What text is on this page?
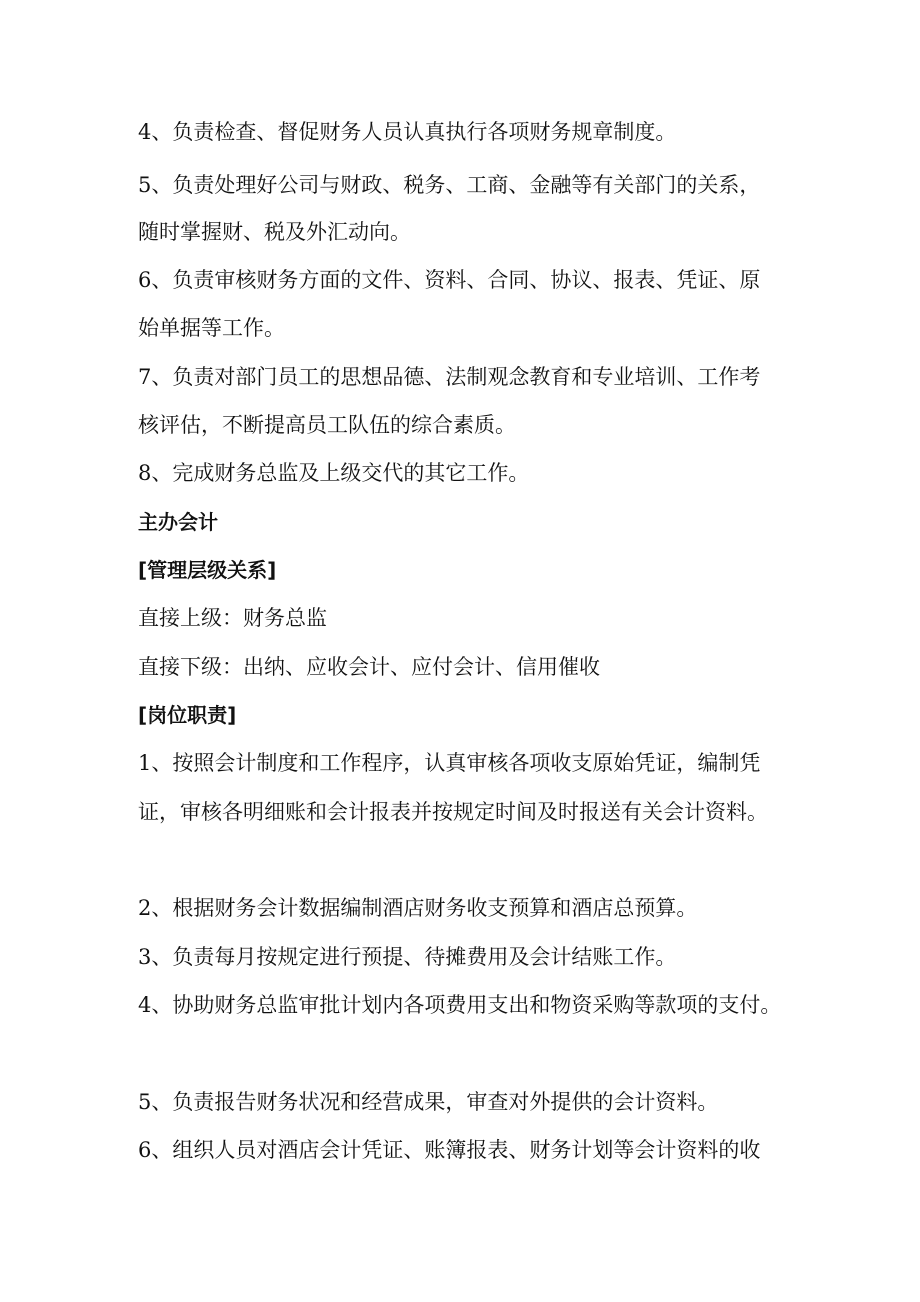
4、负责检查、督促财务人员认真执行各项财务规章制度。
5、负责处理好公司与财政、税务、工商、金融等有关部门的关系，
随时掌握财、税及外汇动向。
6、负责审核财务方面的文件、资料、合同、协议、报表、凭证、原
始单据等工作。
7、负责对部门员工的思想品德、法制观念教育和专业培训、工作考
核评估，不断提高员工队伍的综合素质。
8、完成财务总监及上级交代的其它工作。
主办会计
[管理层级关系]
直接上级：财务总监
直接下级：出纳、应收会计、应付会计、信用催收
[岗位职责]
1、按照会计制度和工作程序，认真审核各项收支原始凭证，编制凭
证，审核各明细账和会计报表并按规定时间及时报送有关会计资料。
2、根据财务会计数据编制酒店财务收支预算和酒店总预算。
3、负责每月按规定进行预提、待摊费用及会计结账工作。
4、协助财务总监审批计划内各项费用支出和物资采购等款项的支付。
5、负责报告财务状况和经营成果，审查对外提供的会计资料。
6、组织人员对酒店会计凭证、账簿报表、财务计划等会计资料的收
